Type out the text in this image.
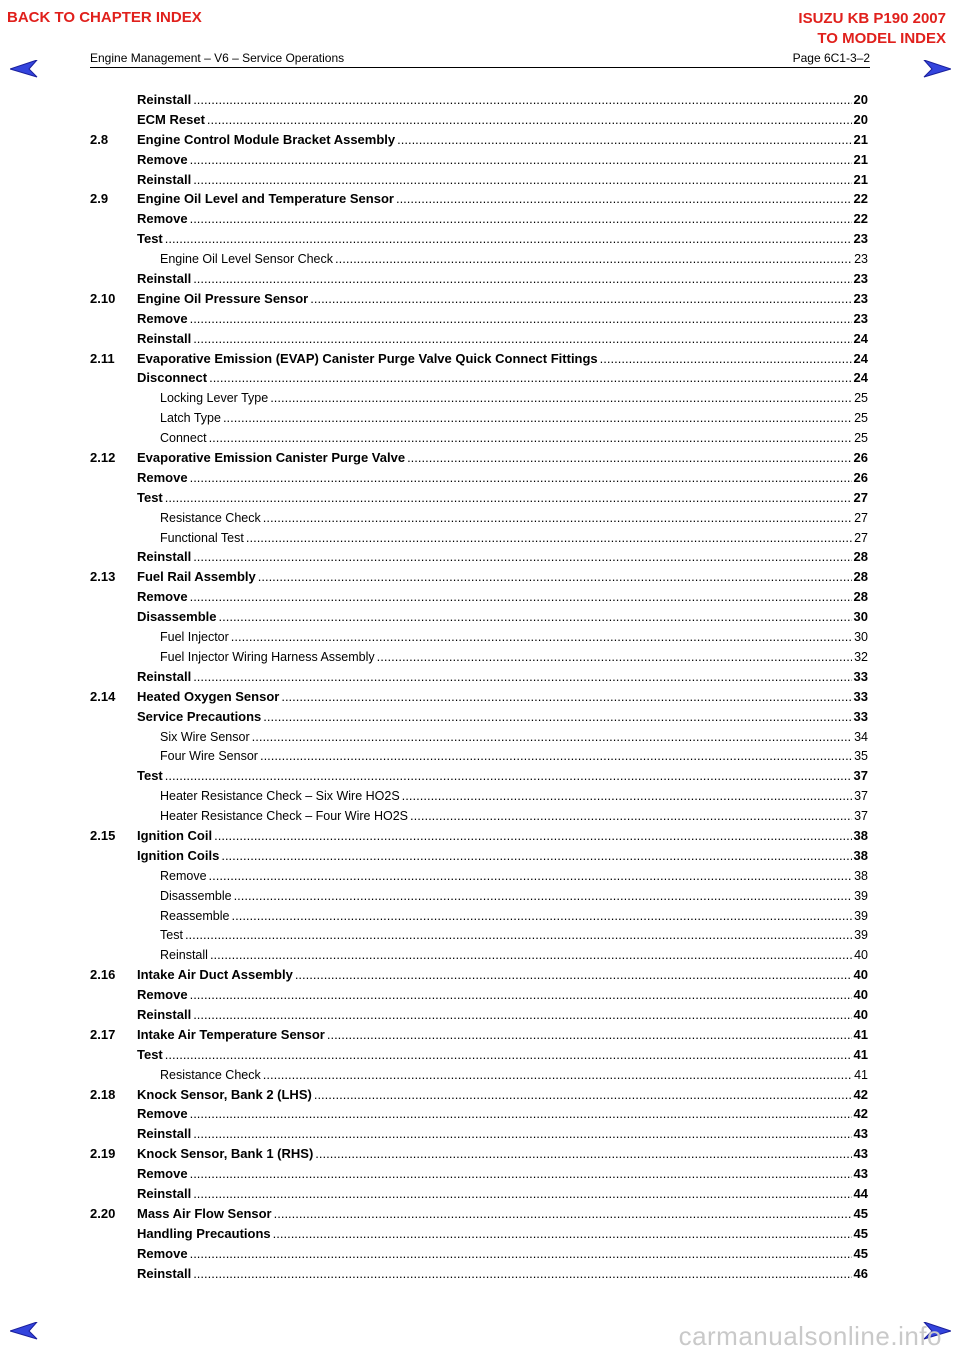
BACK TO CHAPTER INDEX	ISUZU KB P190 2007
TO MODEL INDEX
Engine Management – V6 – Service Operations	Page 6C1-3–2
Reinstall .....	20
ECM Reset .....	20
2.8	Engine Control Module Bracket Assembly .....	21
Remove .....	21
Reinstall .....	21
2.9	Engine Oil Level and Temperature Sensor .....	22
Remove .....	22
Test .....	23
Engine Oil Level Sensor Check .....	23
Reinstall .....	23
2.10	Engine Oil Pressure Sensor .....	23
Remove .....	23
Reinstall .....	24
2.11	Evaporative Emission (EVAP) Canister Purge Valve Quick Connect Fittings .....	24
Disconnect .....	24
Locking Lever Type .....	25
Latch Type .....	25
Connect .....	25
2.12	Evaporative Emission Canister Purge Valve .....	26
Remove .....	26
Test .....	27
Resistance Check .....	27
Functional Test .....	27
Reinstall .....	28
2.13	Fuel Rail Assembly .....	28
Remove .....	28
Disassemble .....	30
Fuel Injector .....	30
Fuel Injector Wiring Harness Assembly .....	32
Reinstall .....	33
2.14	Heated Oxygen Sensor .....	33
Service Precautions .....	33
Six Wire Sensor .....	34
Four Wire Sensor .....	35
Test .....	37
Heater Resistance Check – Six Wire HO2S .....	37
Heater Resistance Check – Four Wire HO2S .....	37
2.15	Ignition Coil .....	38
Ignition Coils .....	38
Remove .....	38
Disassemble .....	39
Reassemble .....	39
Test .....	39
Reinstall .....	40
2.16	Intake Air Duct Assembly .....	40
Remove .....	40
Reinstall .....	40
2.17	Intake Air Temperature Sensor .....	41
Test .....	41
Resistance Check .....	41
2.18	Knock Sensor, Bank 2 (LHS) .....	42
Remove .....	42
Reinstall .....	43
2.19	Knock Sensor, Bank 1 (RHS) .....	43
Remove .....	43
Reinstall .....	44
2.20	Mass Air Flow Sensor .....	45
Handling Precautions .....	45
Remove .....	45
Reinstall .....	46
carmanualsonline.info
